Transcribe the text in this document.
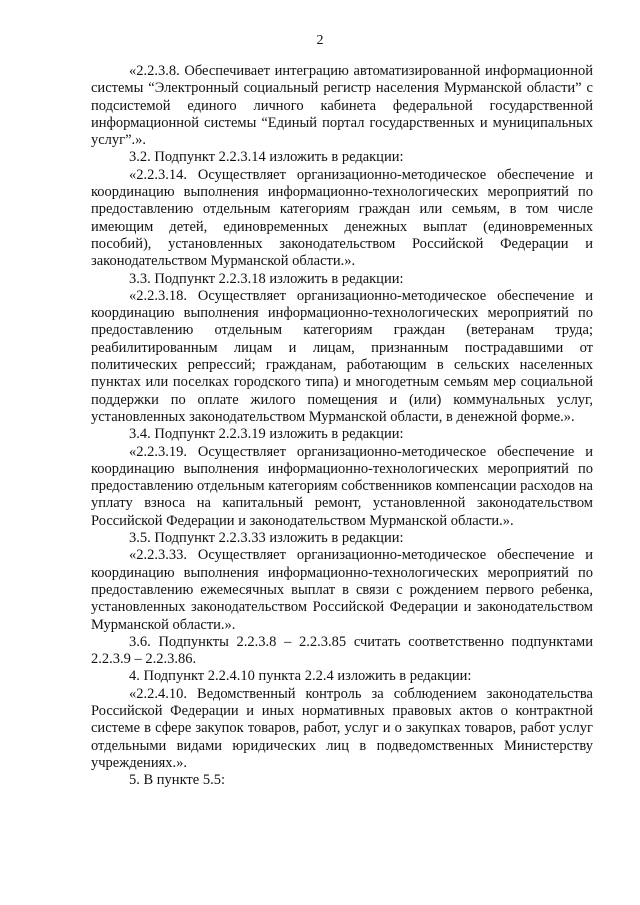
2

«2.2.3.8. Обеспечивает интеграцию автоматизированной информационной системы “Электронный социальный регистр населения Мурманской области” с подсистемой единого личного кабинета федеральной государственной информационной системы “Единый портал государственных и муниципальных услуг”.».

3.2. Подпункт 2.2.3.14 изложить в редакции:

«2.2.3.14. Осуществляет организационно-методическое обеспечение и координацию выполнения информационно-технологических мероприятий по предоставлению отдельным категориям граждан или семьям, в том числе имеющим детей, единовременных денежных выплат (единовременных пособий), установленных законодательством Российской Федерации и законодательством Мурманской области.».

3.3. Подпункт 2.2.3.18 изложить в редакции:

«2.2.3.18. Осуществляет организационно-методическое обеспечение и координацию выполнения информационно-технологических мероприятий по предоставлению отдельным категориям граждан (ветеранам труда; реабилитированным лицам и лицам, признанным пострадавшими от политических репрессий; гражданам, работающим в сельских населенных пунктах или поселках городского типа) и многодетным семьям мер социальной поддержки по оплате жилого помещения и (или) коммунальных услуг, установленных законодательством Мурманской области, в денежной форме.».

3.4. Подпункт 2.2.3.19 изложить в редакции:

«2.2.3.19. Осуществляет организационно-методическое обеспечение и координацию выполнения информационно-технологических мероприятий по предоставлению отдельным категориям собственников компенсации расходов на уплату взноса на капитальный ремонт, установленной законодательством Российской Федерации и законодательством Мурманской области.».

3.5. Подпункт 2.2.3.33 изложить в редакции:

«2.2.3.33. Осуществляет организационно-методическое обеспечение и координацию выполнения информационно-технологических мероприятий по предоставлению ежемесячных выплат в связи с рождением первого ребенка, установленных законодательством Российской Федерации и законодательством Мурманской области.».

3.6. Подпункты 2.2.3.8 – 2.2.3.85 считать соответственно подпунктами 2.2.3.9 – 2.2.3.86.

4. Подпункт 2.2.4.10 пункта 2.2.4 изложить в редакции:

«2.2.4.10. Ведомственный контроль за соблюдением законодательства Российской Федерации и иных нормативных правовых актов о контрактной системе в сфере закупок товаров, работ, услуг и о закупках товаров, работ услуг отдельными видами юридических лиц в подведомственных Министерству учреждениях.».

5. В пункте 5.5:
